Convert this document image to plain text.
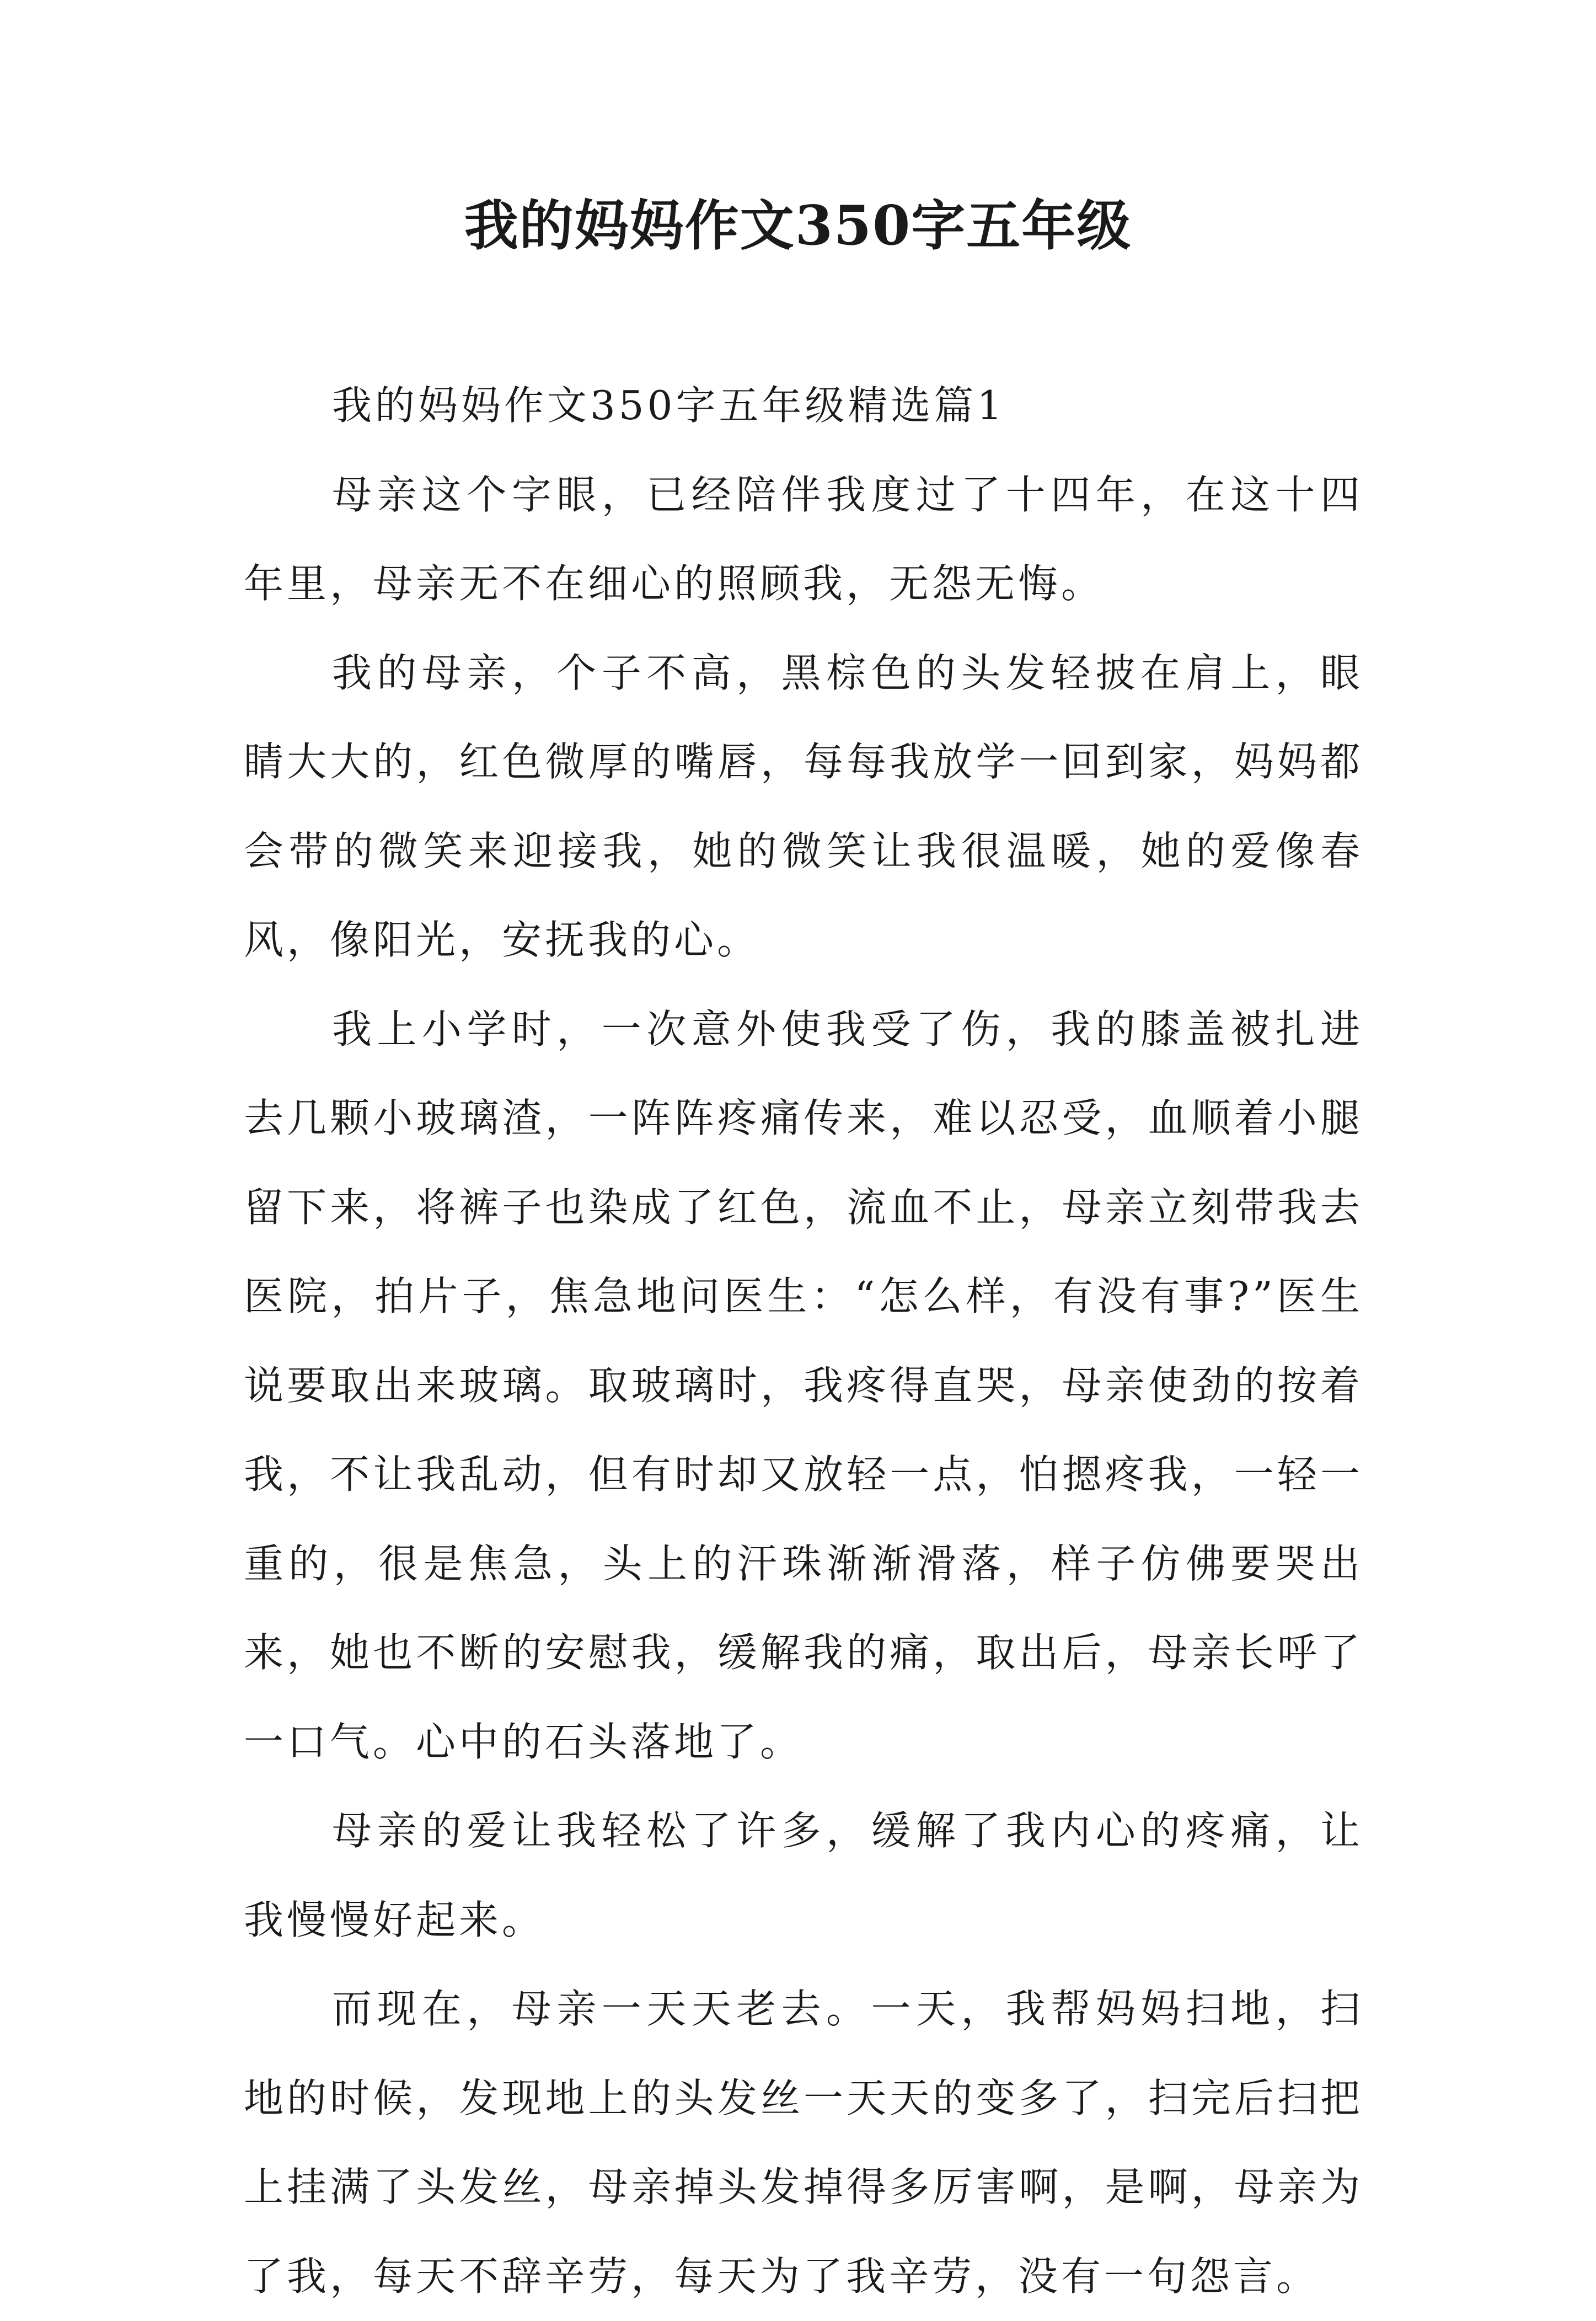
我的妈妈作文350字五年级

我的妈妈作文350字五年级精选篇1

母亲这个字眼，已经陪伴我度过了十四年，在这十四年里，母亲无不在细心的照顾我，无怨无悔。

我的母亲，个子不高，黑棕色的头发轻披在肩上，眼睛大大的，红色微厚的嘴唇，每每我放学一回到家，妈妈都会带的微笑来迎接我，她的微笑让我很温暖，她的爱像春风，像阳光，安抚我的心。

我上小学时，一次意外使我受了伤，我的膝盖被扎进去几颗小玻璃渣，一阵阵疼痛传来，难以忍受，血顺着小腿留下来，将裤子也染成了红色，流血不止，母亲立刻带我去医院，拍片子，焦急地问医生：“怎么样，有没有事?”医生说要取出来玻璃。取玻璃时，我疼得直哭，母亲使劲的按着我，不让我乱动，但有时却又放轻一点，怕摁疼我，一轻一重的，很是焦急，头上的汗珠渐渐滑落，样子仿佛要哭出来，她也不断的安慰我，缓解我的痛，取出后，母亲长呼了一口气。心中的石头落地了。

母亲的爱让我轻松了许多，缓解了我内心的疼痛，让我慢慢好起来。

而现在，母亲一天天老去。一天，我帮妈妈扫地，扫地的时候，发现地上的头发丝一天天的变多了，扫完后扫把上挂满了头发丝，母亲掉头发掉得多厉害啊，是啊，母亲为了我，每天不辞辛劳，每天为了我辛劳，没有一句怨言。
